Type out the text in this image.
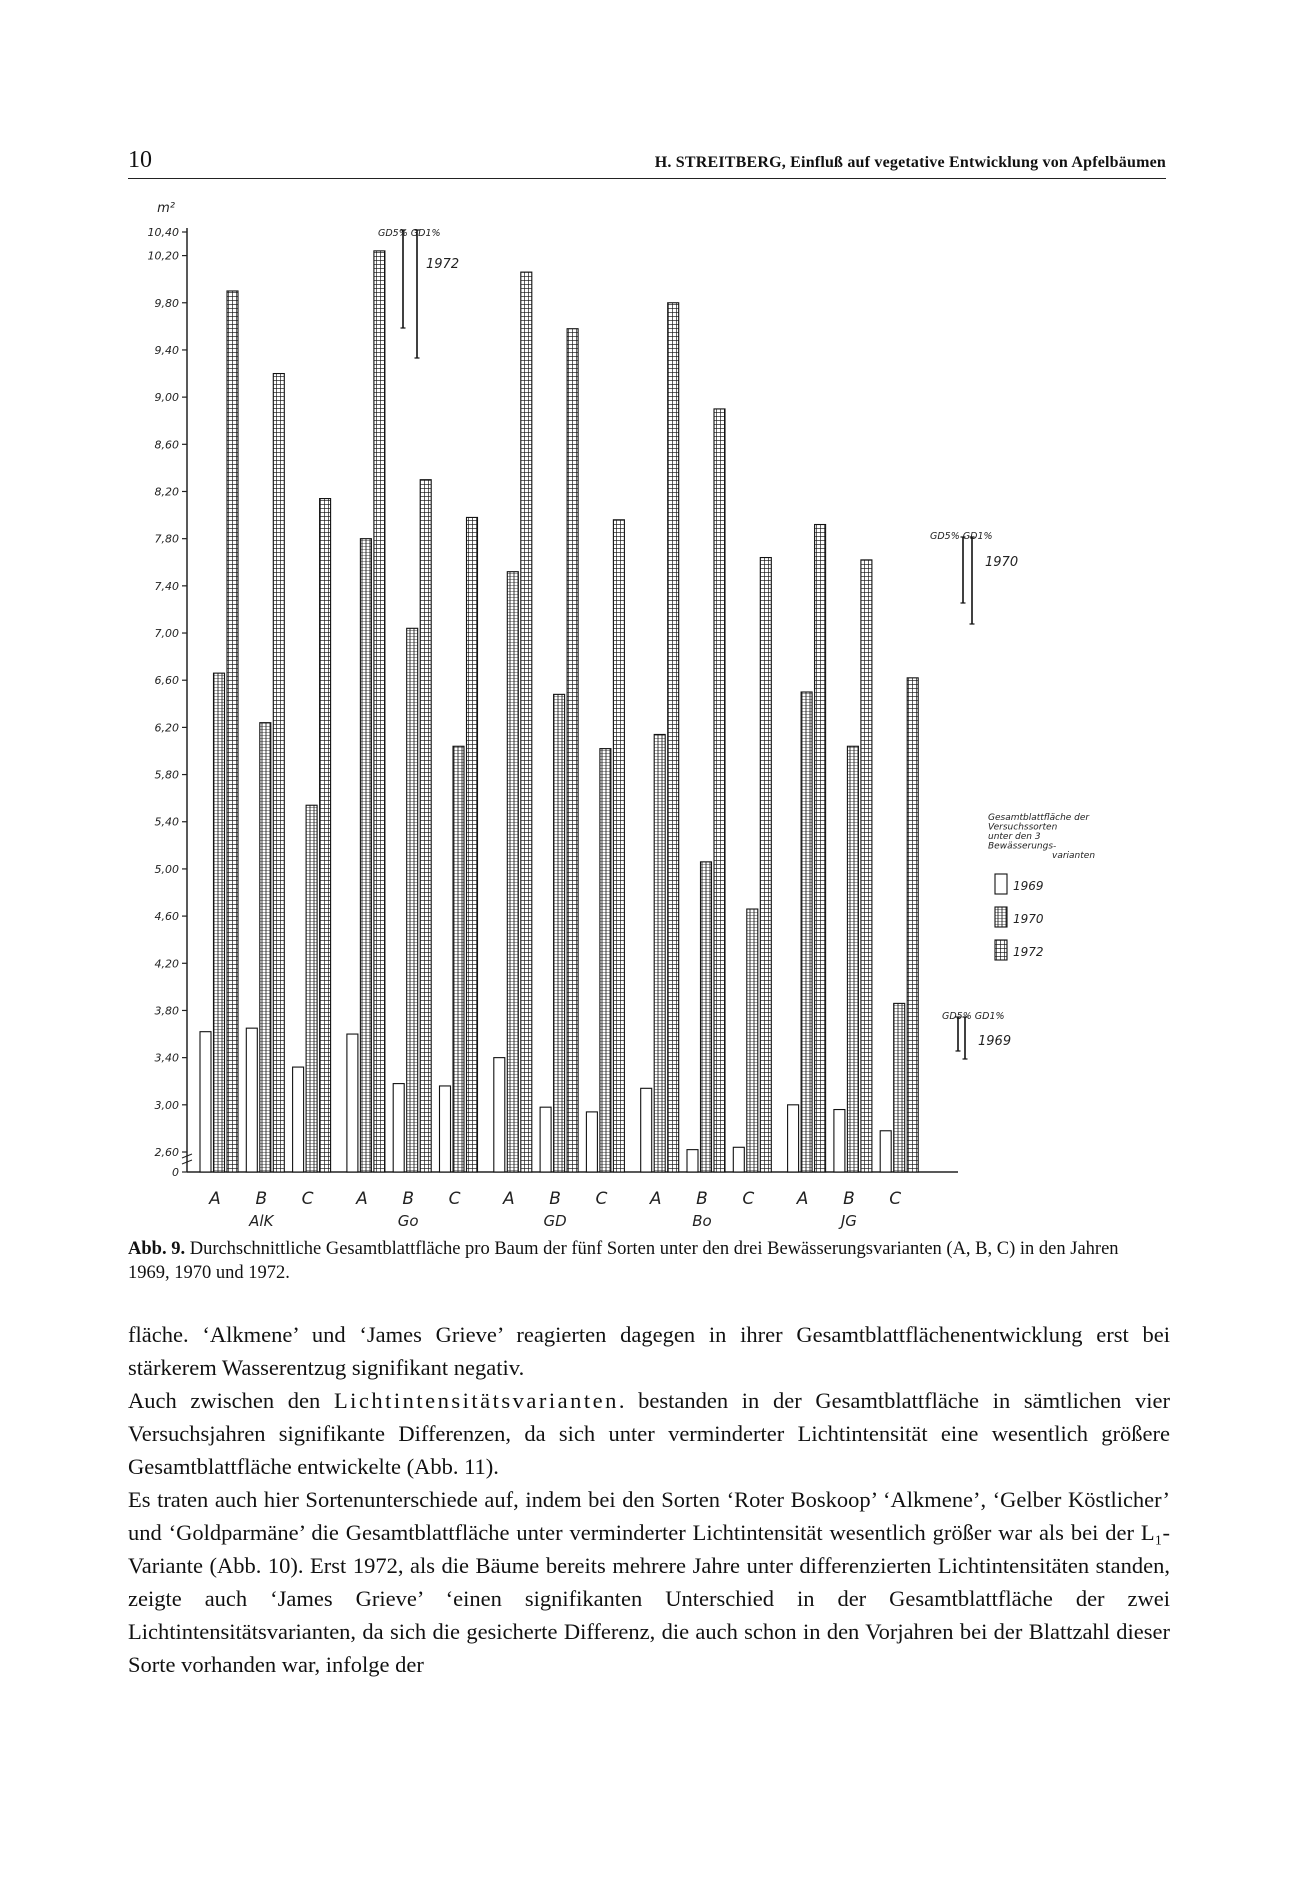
10	H. STREITBERG, Einfluß auf vegetative Entwicklung von Apfelbäumen
m²
10,40
10,20
9,80
9,40
9,00
8,60
8,20
7,80
7,40
7,00
6,60
6,20
5,80
5,40
5,00
4,60
4,20
3,80
3,40
3,00
2,60
0
GD5% GD1%
1972
GD5% GD1%
1970
GD5% GD1%
1969
Gesamtblattfläche der
Versuchssorten
unter den 3
Bewässerungs-
varianten
1969
1970
1972
A B C	A B C	A B C	A B C	A B C
AlK	Go	GD	Bo	JG
Abb. 9. Durchschnittliche Gesamtblattfläche pro Baum der fünf Sorten unter den drei Bewässerungsvarianten (A, B, C) in den Jahren 1969, 1970 und 1972.

fläche. ‘Alkmene’ und ‘James Grieve’ reagierten dagegen in ihrer Gesamtblattflächenentwicklung erst bei stärkerem Wasserentzug signifikant negativ.

Auch zwischen den Lichtintensitätsvarianten. bestanden in der Gesamtblattfläche in sämtlichen vier Versuchsjahren signifikante Differenzen, da sich unter verminderter Lichtintensität eine wesentlich größere Gesamtblattfläche entwickelte (Abb. 11).

Es traten auch hier Sortenunterschiede auf, indem bei den Sorten ‘Roter Boskoop’ ‘Alkmene’, ‘Gelber Köstlicher’ und ‘Goldparmäne’ die Gesamtblattfläche unter verminderter Lichtintensität wesentlich größer war als bei der L₁-Variante (Abb. 10). Erst 1972, als die Bäume bereits mehrere Jahre unter differenzierten Lichtintensitäten standen, zeigte auch ‘James Grieve’ ‘einen signifikanten Unterschied in der Gesamtblattfläche der zwei Lichtintensitätsvarianten, da sich die gesicherte Differenz, die auch schon in den Vorjahren bei der Blattzahl dieser Sorte vorhanden war, infolge der
